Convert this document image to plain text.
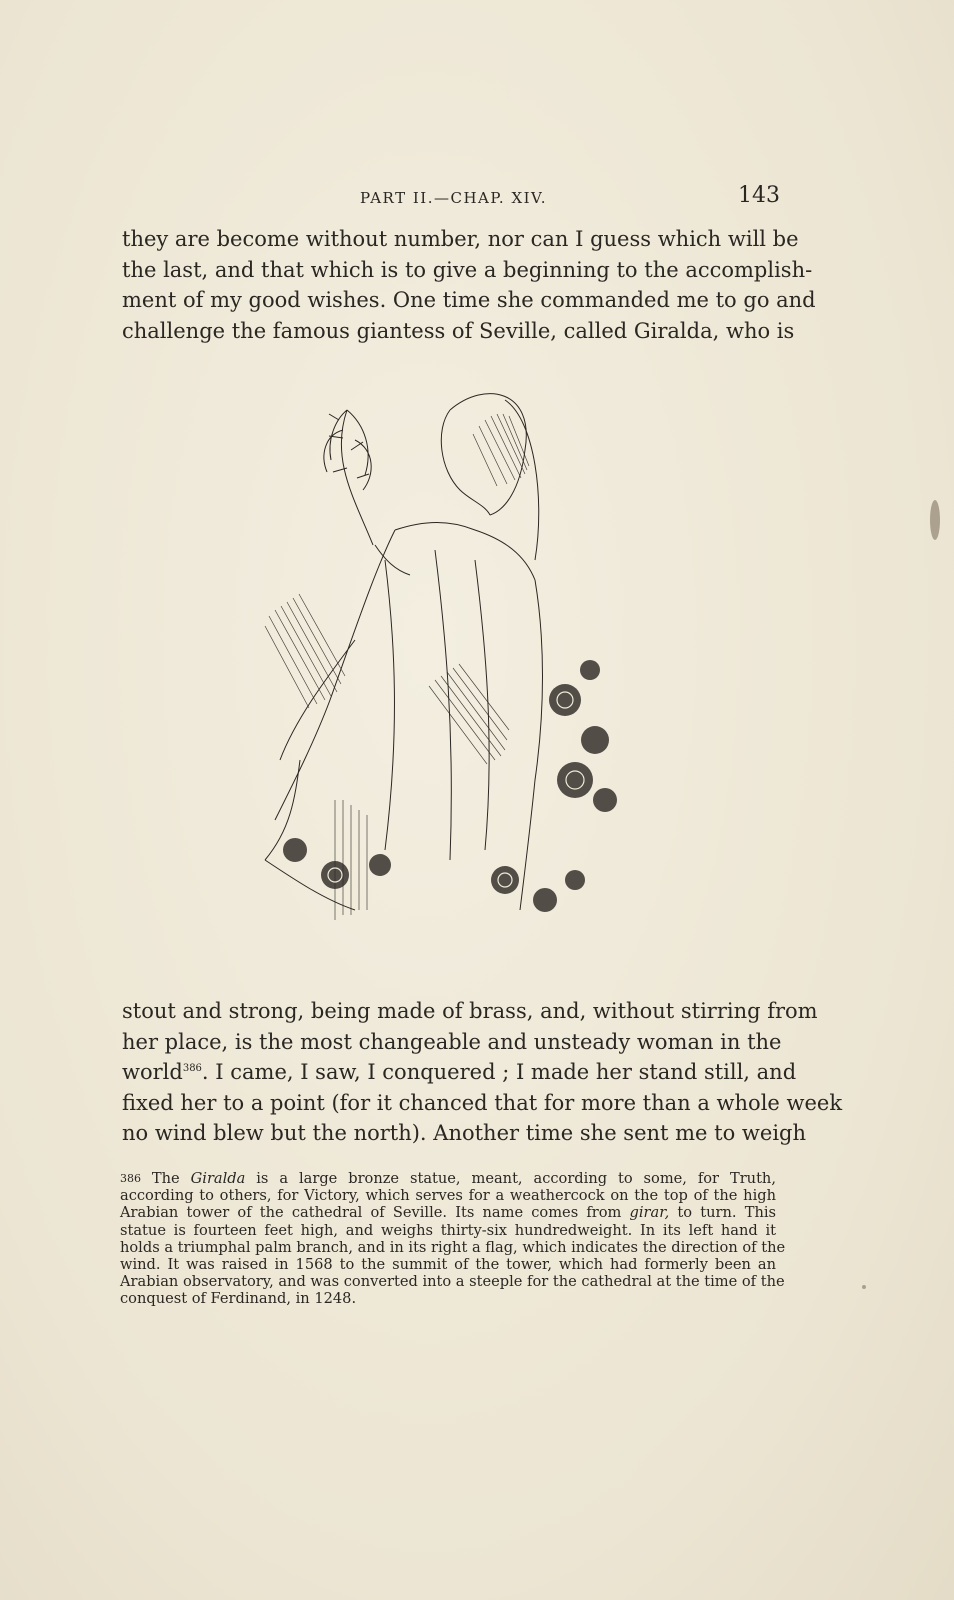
PART II.—CHAP. XIV.	143
they are become without number, nor can I guess which will be
the last, and that which is to give a beginning to the accomplish-
ment of my good wishes. One time she commanded me to go and
challenge the famous giantess of Seville, called Giralda, who is
stout and strong, being made of brass, and, without stirring from
her place, is the most changeable and unsteady woman in the
world$^{386}$. I came, I saw, I conquered ; I made her stand still, and
fixed her to a point (for it chanced that for more than a whole week
no wind blew but the north). Another time she sent me to weigh
$^{386}$ The Giralda is a large bronze statue, meant, according to some, for Truth,
according to others, for Victory, which serves for a weathercock on the top of the high
Arabian tower of the cathedral of Seville. Its name comes from girar, to turn. This
statue is fourteen feet high, and weighs thirty-six hundredweight. In its left hand it
holds a triumphal palm branch, and in its right a flag, which indicates the direction of the
wind. It was raised in 1568 to the summit of the tower, which had formerly been an
Arabian observatory, and was converted into a steeple for the cathedral at the time of the
conquest of Ferdinand, in 1248.
